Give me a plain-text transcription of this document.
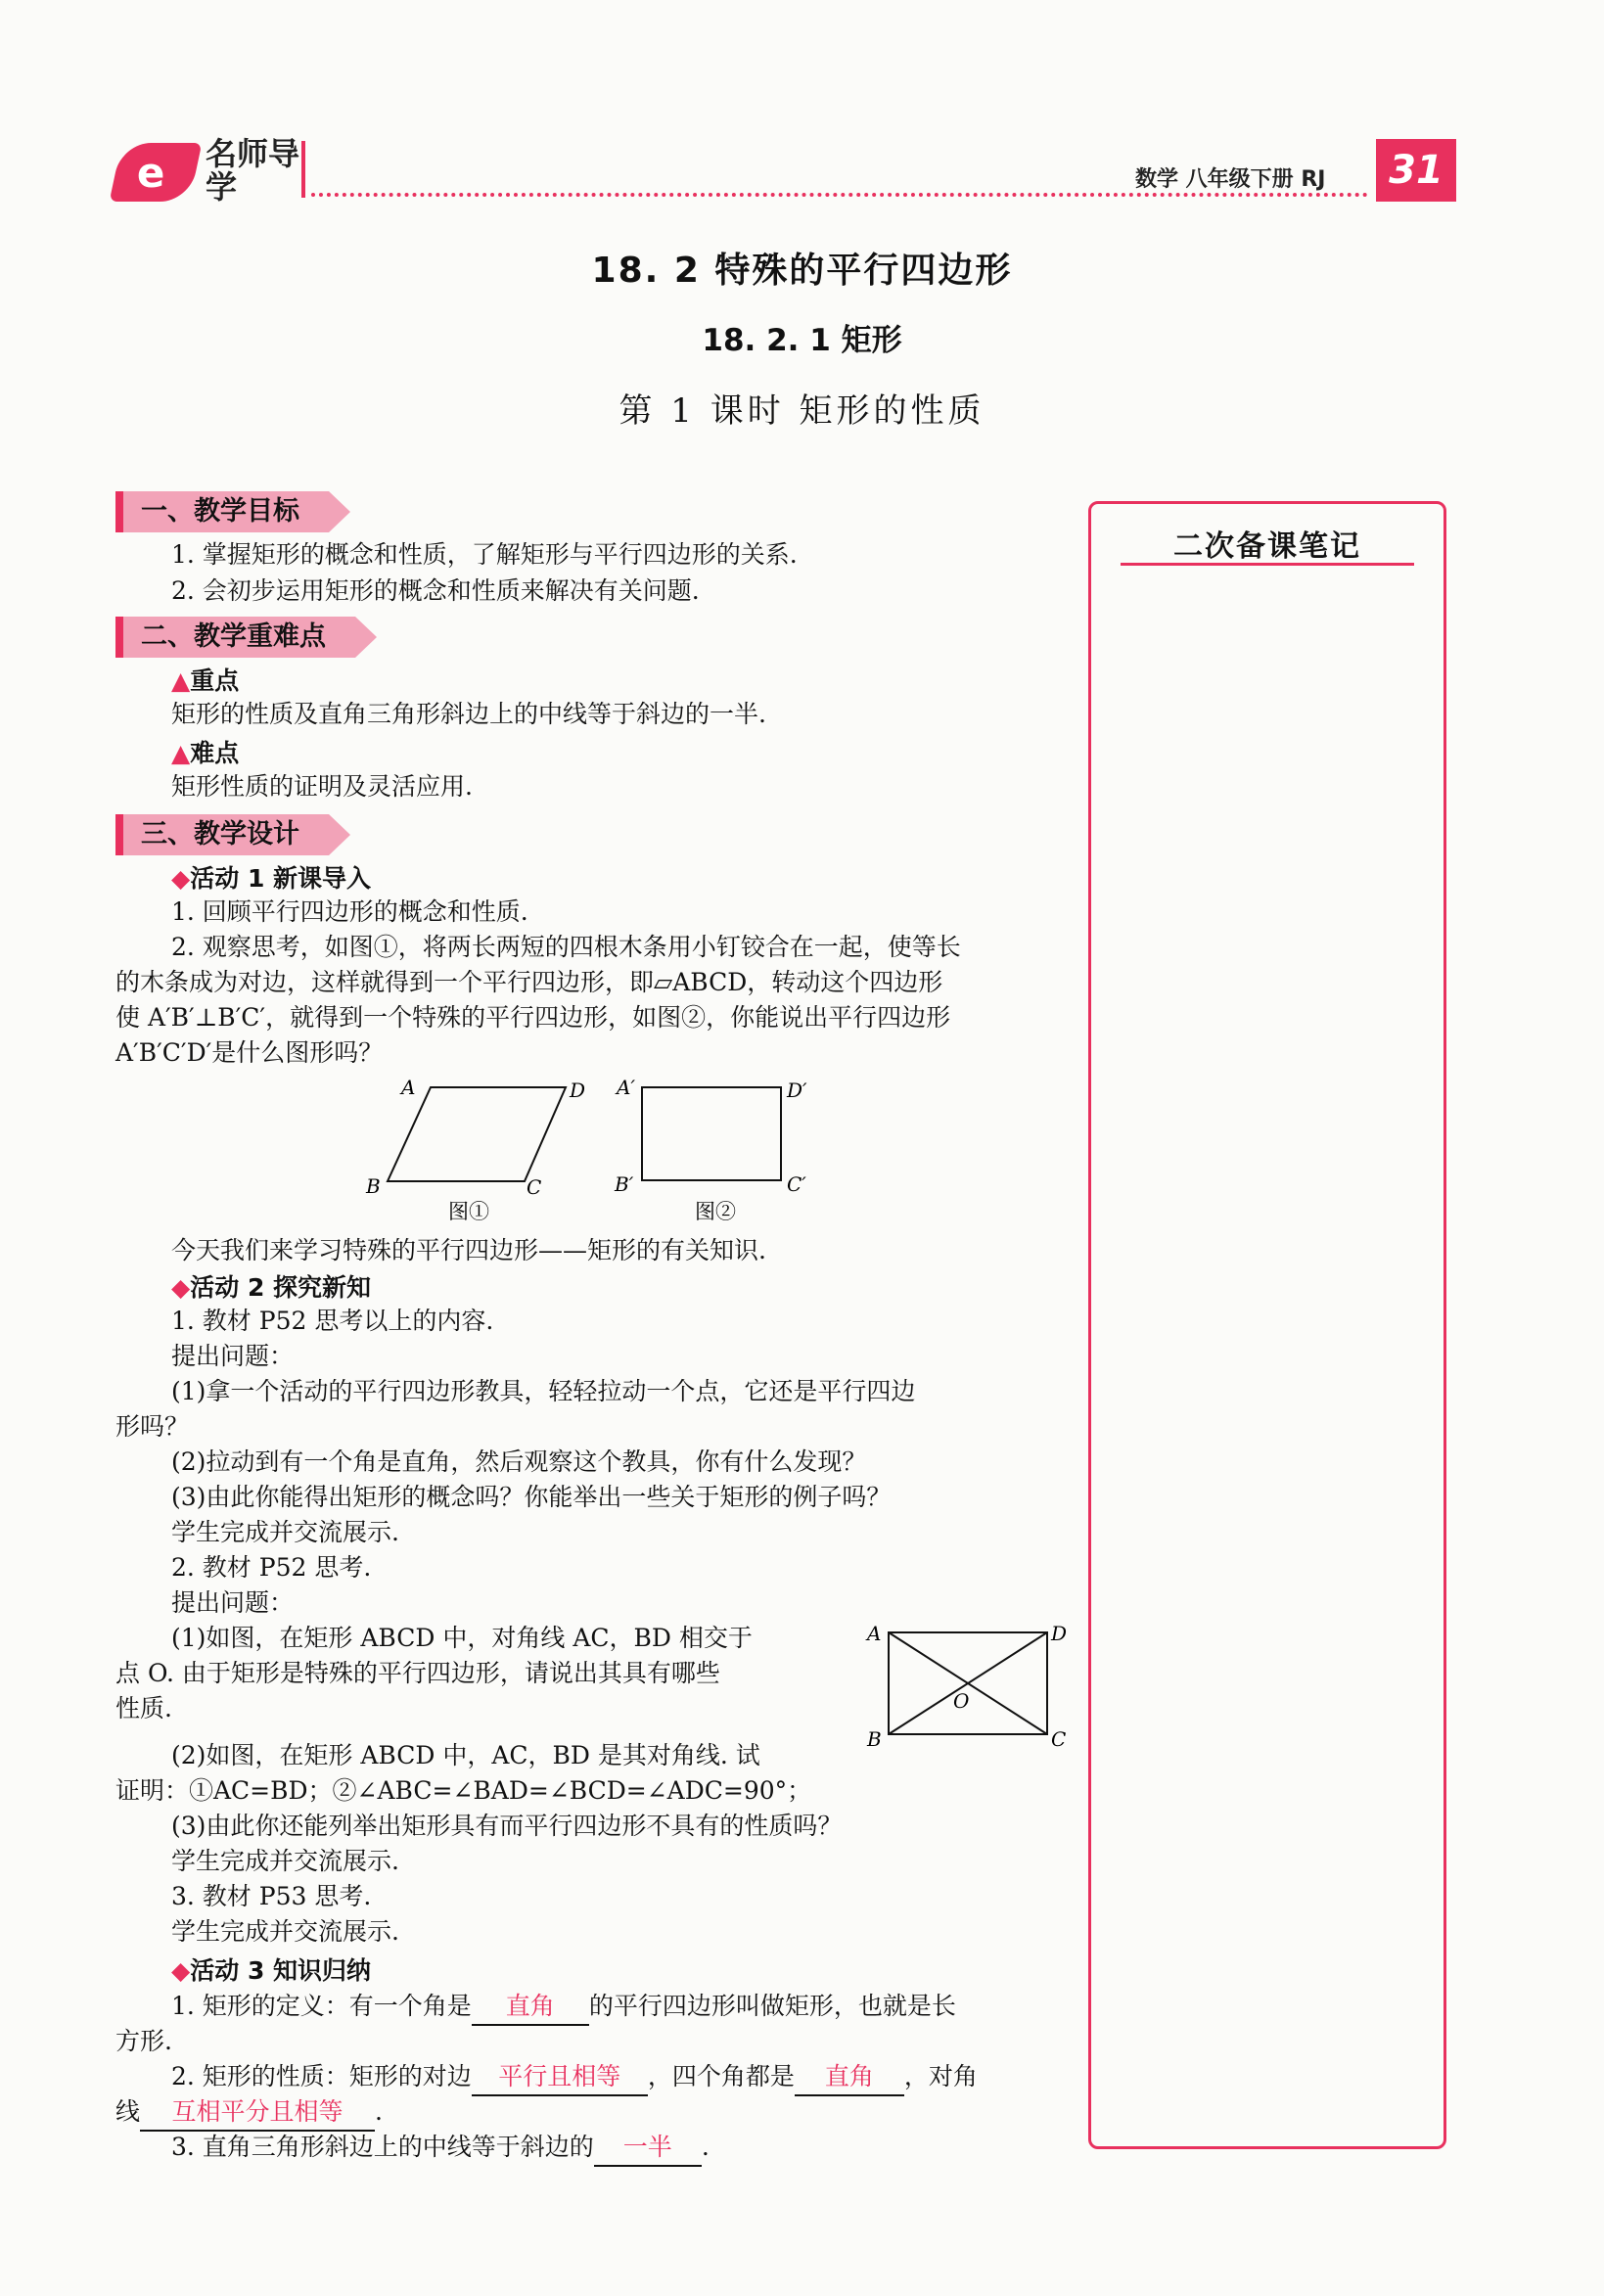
e 名师导学	数学 八年级下册 RJ	31
18. 2 特殊的平行四边形
18. 2. 1 矩形
第 1 课时 矩形的性质
二次备课笔记
一、教学目标
1. 掌握矩形的概念和性质，了解矩形与平行四边形的关系.
2. 会初步运用矩形的概念和性质来解决有关问题.
二、教学重难点
▲重点
矩形的性质及直角三角形斜边上的中线等于斜边的一半.
▲难点
矩形性质的证明及灵活应用.
三、教学设计
◆活动 1 新课导入
1. 回顾平行四边形的概念和性质.
2. 观察思考，如图①，将两长两短的四根木条用小钉铰合在一起，使等长
的木条成为对边，这样就得到一个平行四边形，即▱ABCD，转动这个四边形
使 A′B′⊥B′C′，就得到一个特殊的平行四边形，如图②，你能说出平行四边形
A′B′C′D′是什么图形吗？
A	D
B	C
图①
A′	D′
B′	C′
图②
今天我们来学习特殊的平行四边形——矩形的有关知识.
◆活动 2 探究新知
1. 教材 P52 思考以上的内容.
提出问题：
(1)拿一个活动的平行四边形教具，轻轻拉动一个点，它还是平行四边
形吗？
(2)拉动到有一个角是直角，然后观察这个教具，你有什么发现？
(3)由此你能得出矩形的概念吗？你能举出一些关于矩形的例子吗？
学生完成并交流展示.
2. 教材 P52 思考.
提出问题：
(1)如图，在矩形 ABCD 中，对角线 AC，BD 相交于
点 O. 由于矩形是特殊的平行四边形，请说出其具有哪些
性质.
A	D
B	C
O
(2)如图，在矩形 ABCD 中，AC，BD 是其对角线. 试
证明：①AC=BD；②∠ABC=∠BAD=∠BCD=∠ADC=90°；
(3)由此你还能列举出矩形具有而平行四边形不具有的性质吗？
学生完成并交流展示.
3. 教材 P53 思考.
学生完成并交流展示.
◆活动 3 知识归纳
1. 矩形的定义：有一个角是 直角 的平行四边形叫做矩形，也就是长
方形.
2. 矩形的性质：矩形的对边 平行且相等 ，四个角都是 直角 ，对角
线 互相平分且相等 .
3. 直角三角形斜边上的中线等于斜边的 一半 .
